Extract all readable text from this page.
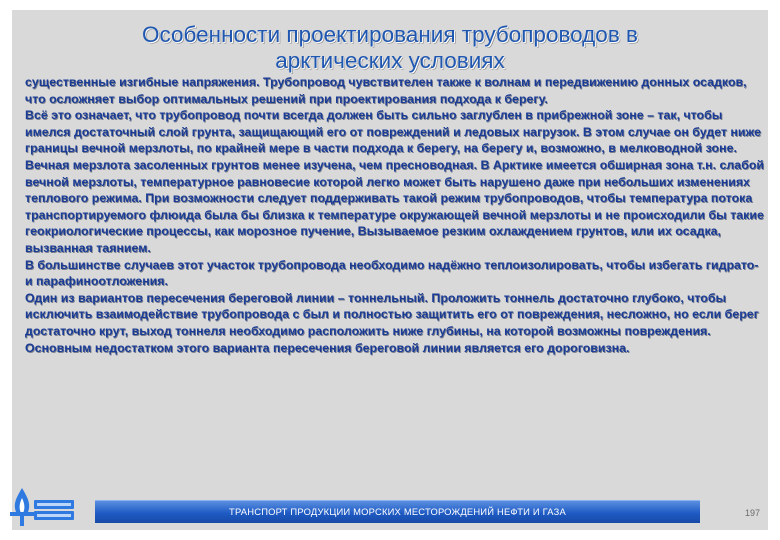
Особенности проектирования трубопроводов в
арктических условиях

существенные изгибные напряжения. Трубопровод чувствителен также к волнам и передвижению донных осадков, что осложняет выбор оптимальных решений при проектирования подхода к берегу.

Всё это означает, что трубопровод почти всегда должен быть сильно заглублен в прибрежной зоне – так, чтобы имелся достаточный слой грунта, защищающий его от повреждений и ледовых нагрузок. В этом случае он будет ниже границы вечной мерзлоты, по крайней мере в части подхода к берегу, на берегу и, возможно, в мелководной зоне.

Вечная мерзлота засоленных грунтов менее изучена, чем пресноводная. В Арктике имеется обширная зона т.н. слабой вечной мерзлоты, температурное равновесие которой легко может быть нарушено даже при небольших изменениях теплового режима. При возможности следует поддерживать такой режим трубопроводов, чтобы температура потока транспортируемого флюида была бы близка к температуре окружающей вечной мерзлоты и не происходили бы такие геокриологические процессы, как морозное пучение, Вызываемое резким охлаждением грунтов, или их осадка, вызванная таянием.

В большинстве случаев этот участок трубопровода необходимо надёжно теплоизолировать, чтобы избегать гидрато- и парафиноотложения.

Один из вариантов пересечения береговой линии – тоннельный. Проложить тоннель достаточно глубоко, чтобы исключить взаимодействие трубопровода с был и полностью защитить его от повреждения, несложно, но если берег достаточно крут, выход тоннеля необходимо расположить ниже глубины, на которой возможны повреждения. Основным недостатком этого варианта пересечения береговой линии является его дороговизна.

ТРАНСПОРТ ПРОДУКЦИИ МОРСКИХ МЕСТОРОЖДЕНИЙ НЕФТИ И ГАЗА	197
